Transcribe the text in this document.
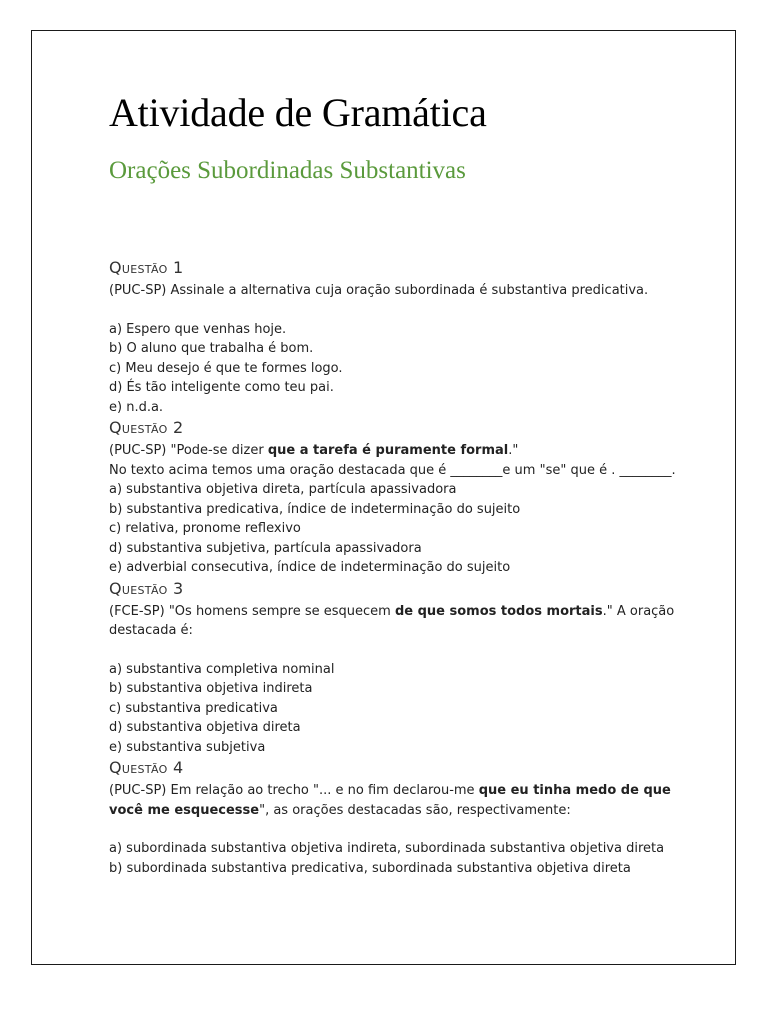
Atividade de Gramática
Orações Subordinadas Substantivas
Questão 1

(PUC-SP) Assinale a alternativa cuja oração subordinada é substantiva predicativa.

a) Espero que venhas hoje.

b) O aluno que trabalha é bom.

c) Meu desejo é que te formes logo.

d) És tão inteligente como teu pai.

e) n.d.a.

Questão 2

(PUC-SP) "Pode-se dizer que a tarefa é puramente formal."

No texto acima temos uma oração destacada que é ________e um "se" que é . ________.

a) substantiva objetiva direta, partícula apassivadora

b) substantiva predicativa, índice de indeterminação do sujeito

c) relativa, pronome reflexivo

d) substantiva subjetiva, partícula apassivadora

e) adverbial consecutiva, índice de indeterminação do sujeito

Questão 3

(FCE-SP) "Os homens sempre se esquecem de que somos todos mortais." A oração destacada é:

a) substantiva completiva nominal

b) substantiva objetiva indireta

c) substantiva predicativa

d) substantiva objetiva direta

e) substantiva subjetiva

Questão 4

(PUC-SP) Em relação ao trecho "... e no fim declarou-me que eu tinha medo de que você me esquecesse", as orações destacadas são, respectivamente:

a) subordinada substantiva objetiva indireta, subordinada substantiva objetiva direta

b) subordinada substantiva predicativa, subordinada substantiva objetiva direta
